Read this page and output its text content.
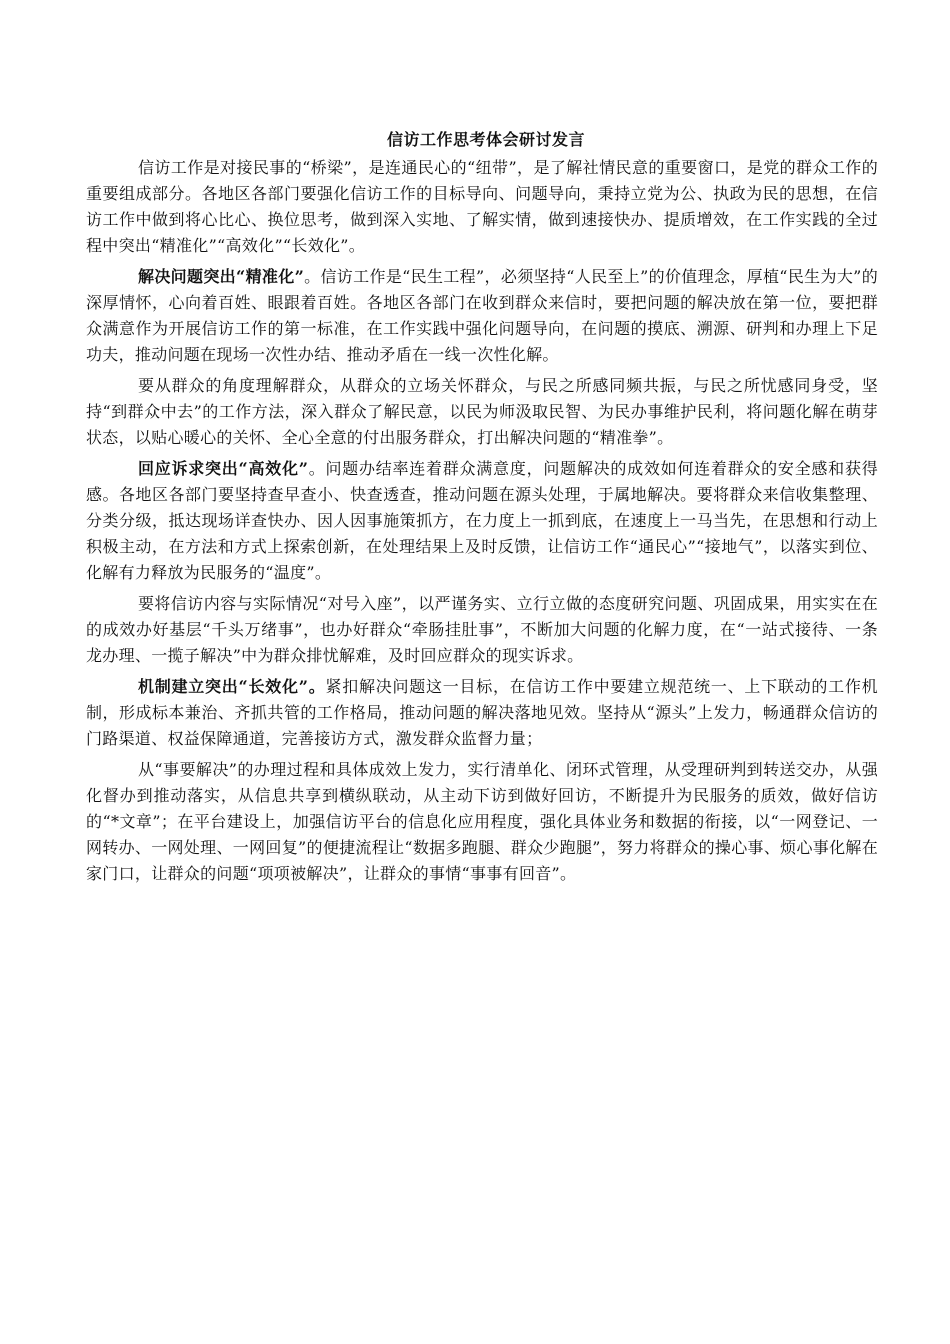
信访工作思考体会研讨发言

信访工作是对接民事的“桥梁”，是连通民心的“纽带”，是了解社情民意的重要窗口，是党的群众工作的重要组成部分。各地区各部门要强化信访工作的目标导向、问题导向，秉持立党为公、执政为民的思想，在信访工作中做到将心比心、换位思考，做到深入实地、了解实情，做到速接快办、提质增效，在工作实践的全过程中突出“精准化”“高效化”“长效化”。

解决问题突出“精准化”。信访工作是“民生工程”，必须坚持“人民至上”的价值理念，厚植“民生为大”的深厚情怀，心向着百姓、眼跟着百姓。各地区各部门在收到群众来信时，要把问题的解决放在第一位，要把群众满意作为开展信访工作的第一标准，在工作实践中强化问题导向，在问题的摸底、溯源、研判和办理上下足功夫，推动问题在现场一次性办结、推动矛盾在一线一次性化解。

要从群众的角度理解群众，从群众的立场关怀群众，与民之所感同频共振，与民之所忧感同身受，坚持“到群众中去”的工作方法，深入群众了解民意，以民为师汲取民智、为民办事维护民利，将问题化解在萌芽状态，以贴心暖心的关怀、全心全意的付出服务群众，打出解决问题的“精准拳”。

回应诉求突出“高效化”。问题办结率连着群众满意度，问题解决的成效如何连着群众的安全感和获得感。各地区各部门要坚持查早查小、快查透查，推动问题在源头处理，于属地解决。要将群众来信收集整理、分类分级，抵达现场详查快办、因人因事施策抓方，在力度上一抓到底，在速度上一马当先，在思想和行动上积极主动，在方法和方式上探索创新，在处理结果上及时反馈，让信访工作“通民心”“接地气”，以落实到位、化解有力释放为民服务的“温度”。

要将信访内容与实际情况“对号入座”，以严谨务实、立行立做的态度研究问题、巩固成果，用实实在在的成效办好基层“千头万绪事”，也办好群众“牵肠挂肚事”，不断加大问题的化解力度，在“一站式接待、一条龙办理、一揽子解决”中为群众排忧解难，及时回应群众的现实诉求。

机制建立突出“长效化”。紧扣解决问题这一目标，在信访工作中要建立规范统一、上下联动的工作机制，形成标本兼治、齐抓共管的工作格局，推动问题的解决落地见效。坚持从“源头”上发力，畅通群众信访的门路渠道、权益保障通道，完善接访方式，激发群众监督力量；

从“事要解决”的办理过程和具体成效上发力，实行清单化、闭环式管理，从受理研判到转送交办，从强化督办到推动落实，从信息共享到横纵联动，从主动下访到做好回访，不断提升为民服务的质效，做好信访的“*文章”；在平台建设上，加强信访平台的信息化应用程度，强化具体业务和数据的衔接，以“一网登记、一网转办、一网处理、一网回复”的便捷流程让“数据多跑腿、群众少跑腿”，努力将群众的操心事、烦心事化解在家门口，让群众的问题“项项被解决”，让群众的事情“事事有回音”。
